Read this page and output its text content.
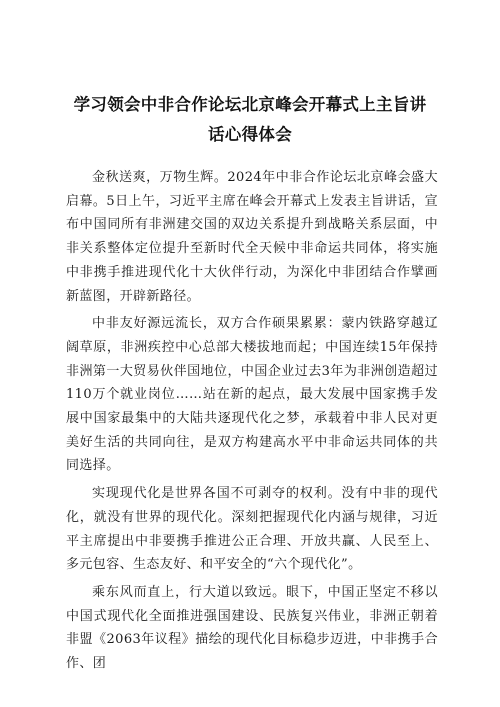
学习领会中非合作论坛北京峰会开幕式上主旨讲话心得体会

金秋送爽，万物生辉。2024年中非合作论坛北京峰会盛大启幕。5日上午，习近平主席在峰会开幕式上发表主旨讲话，宣布中国同所有非洲建交国的双边关系提升到战略关系层面，中非关系整体定位提升至新时代全天候中非命运共同体，将实施中非携手推进现代化十大伙伴行动，为深化中非团结合作擘画新蓝图，开辟新路径。

中非友好源远流长，双方合作硕果累累：蒙内铁路穿越辽阔草原，非洲疾控中心总部大楼拔地而起；中国连续15年保持非洲第一大贸易伙伴国地位，中国企业过去3年为非洲创造超过110万个就业岗位……站在新的起点，最大发展中国家携手发展中国家最集中的大陆共逐现代化之梦，承载着中非人民对更美好生活的共同向往，是双方构建高水平中非命运共同体的共同选择。

实现现代化是世界各国不可剥夺的权利。没有中非的现代化，就没有世界的现代化。深刻把握现代化内涵与规律，习近平主席提出中非要携手推进公正合理、开放共赢、人民至上、多元包容、生态友好、和平安全的“六个现代化”。

乘东风而直上，行大道以致远。眼下，中国正坚定不移以中国式现代化全面推进强国建设、民族复兴伟业，非洲正朝着非盟《2063年议程》描绘的现代化目标稳步迈进，中非携手合作、团
